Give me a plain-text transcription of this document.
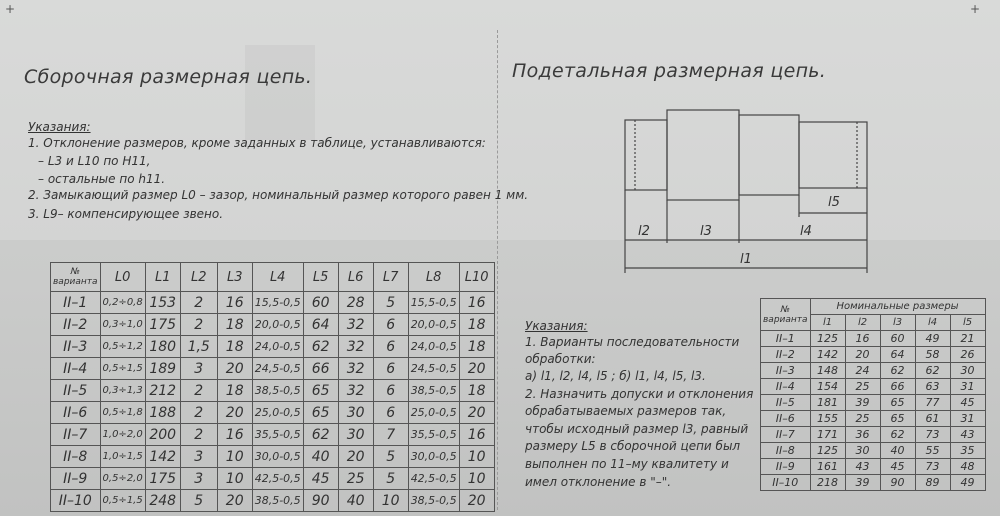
+	+
Сборочная размерная цепь.
Указания:
1. Отклонение размеров, кроме заданных в таблице, устанавливаются:
– L3 и L10 по H11,
– остальные по h11.
2. Замыкающий размер L0 – зазор, номинальный размер которого равен 1 мм.
3. L9– компенсирующее звено.
№ варианта	L0	L1	L2	L3	L4	L5	L6	L7	L8	L10
II–1	0,2÷0,8	153	2	16	15,5-0,5	60	28	5	15,5-0,5	16
II–2	0,3÷1,0	175	2	18	20,0-0,5	64	32	6	20,0-0,5	18
II–3	0,5÷1,2	180	1,5	18	24,0-0,5	62	32	6	24,0-0,5	18
II–4	0,5÷1,5	189	3	20	24,5-0,5	66	32	6	24,5-0,5	20
II–5	0,3÷1,3	212	2	18	38,5-0,5	65	32	6	38,5-0,5	18
II–6	0,5÷1,8	188	2	20	25,0-0,5	65	30	6	25,0-0,5	20
II–7	1,0÷2,0	200	2	16	35,5-0,5	62	30	7	35,5-0,5	16
II–8	1,0÷1,5	142	3	10	30,0-0,5	40	20	5	30,0-0,5	10
II–9	0,5÷2,0	175	3	10	42,5-0,5	45	25	5	42,5-0,5	10
II–10	0,5÷1,5	248	5	20	38,5-0,5	90	40	10	38,5-0,5	20
Подетальная размерная цепь.
l2	l3	l4
l5
l1
Указания:
1. Варианты последовательности
обработки:
а) l1, l2, l4, l5 ; б) l1, l4, l5, l3.
2. Назначить допуски и отклонения
обрабатываемых размеров так,
чтобы исходный размер l3, равный
размеру L5 в сборочной цепи был
выполнен по 11–му квалитету и
имел отклонение в "–".
№ варианта	Номинальные размеры				
	l1	l2	l3	l4	l5
II–1	125	16	60	49	21
II–2	142	20	64	58	26
II–3	148	24	62	62	30
II–4	154	25	66	63	31
II–5	181	39	65	77	45
II–6	155	25	65	61	31
II–7	171	36	62	73	43
II–8	125	30	40	55	35
II–9	161	43	45	73	48
II–10	218	39	90	89	49
